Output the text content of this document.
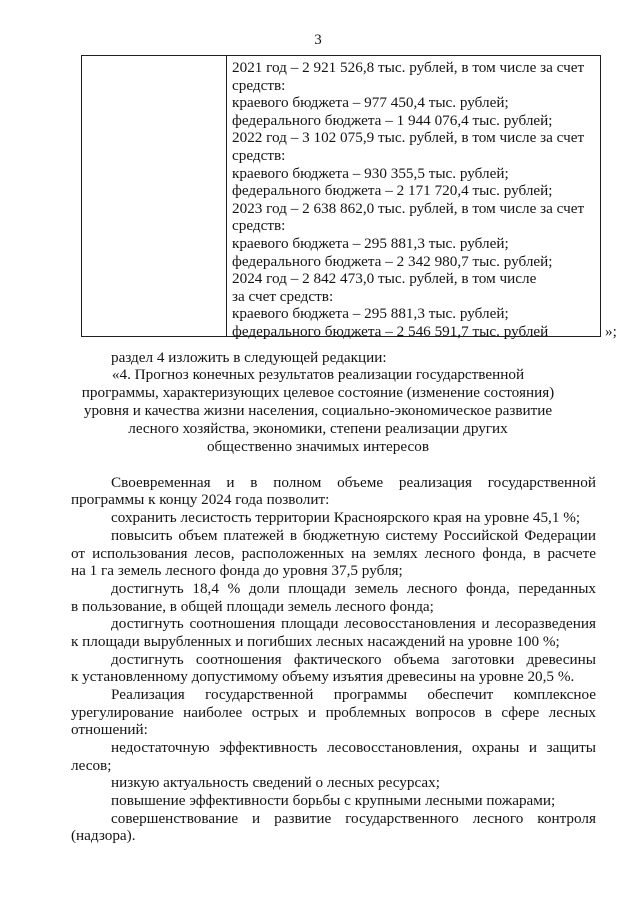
3
2021 год – 2 921 526,8 тыс. рублей, в том числе за счет
средств:
краевого бюджета – 977 450,4 тыс. рублей;
федерального бюджета – 1 944 076,4 тыс. рублей;
2022 год – 3 102 075,9 тыс. рублей, в том числе за счет
средств:
краевого бюджета – 930 355,5 тыс. рублей;
федерального бюджета – 2 171 720,4 тыс. рублей;
2023 год – 2 638 862,0 тыс. рублей, в том числе за счет
средств:
краевого бюджета – 295 881,3 тыс. рублей;
федерального бюджета – 2 342 980,7 тыс. рублей;
2024 год – 2 842 473,0 тыс. рублей, в том числе
за счет средств:
краевого бюджета – 295 881,3 тыс. рублей;
федерального бюджета – 2 546 591,7 тыс. рублей	»;
раздел 4 изложить в следующей редакции:
«4. Прогноз конечных результатов реализации государственной
программы, характеризующих целевое состояние (изменение состояния)
уровня и качества жизни населения, социально-экономическое развитие
лесного хозяйства, экономики, степени реализации других
общественно значимых интересов
Своевременная и в полном объеме реализация государственной
программы к концу 2024 года позволит:
сохранить лесистость территории Красноярского края на уровне 45,1 %;
повысить объем платежей в бюджетную систему Российской Федерации
от использования лесов, расположенных на землях лесного фонда, в расчете
на 1 га земель лесного фонда до уровня 37,5 рубля;
достигнуть 18,4 % доли площади земель лесного фонда, переданных
в пользование, в общей площади земель лесного фонда;
достигнуть соотношения площади лесовосстановления и лесоразведения
к площади вырубленных и погибших лесных насаждений на уровне 100 %;
достигнуть соотношения фактического объема заготовки древесины
к установленному допустимому объему изъятия древесины на уровне 20,5 %.
Реализация государственной программы обеспечит комплексное
урегулирование наиболее острых и проблемных вопросов в сфере лесных
отношений:
недостаточную эффективность лесовосстановления, охраны и защиты
лесов;
низкую актуальность сведений о лесных ресурсах;
повышение эффективности борьбы с крупными лесными пожарами;
совершенствование и развитие государственного лесного контроля
(надзора).
